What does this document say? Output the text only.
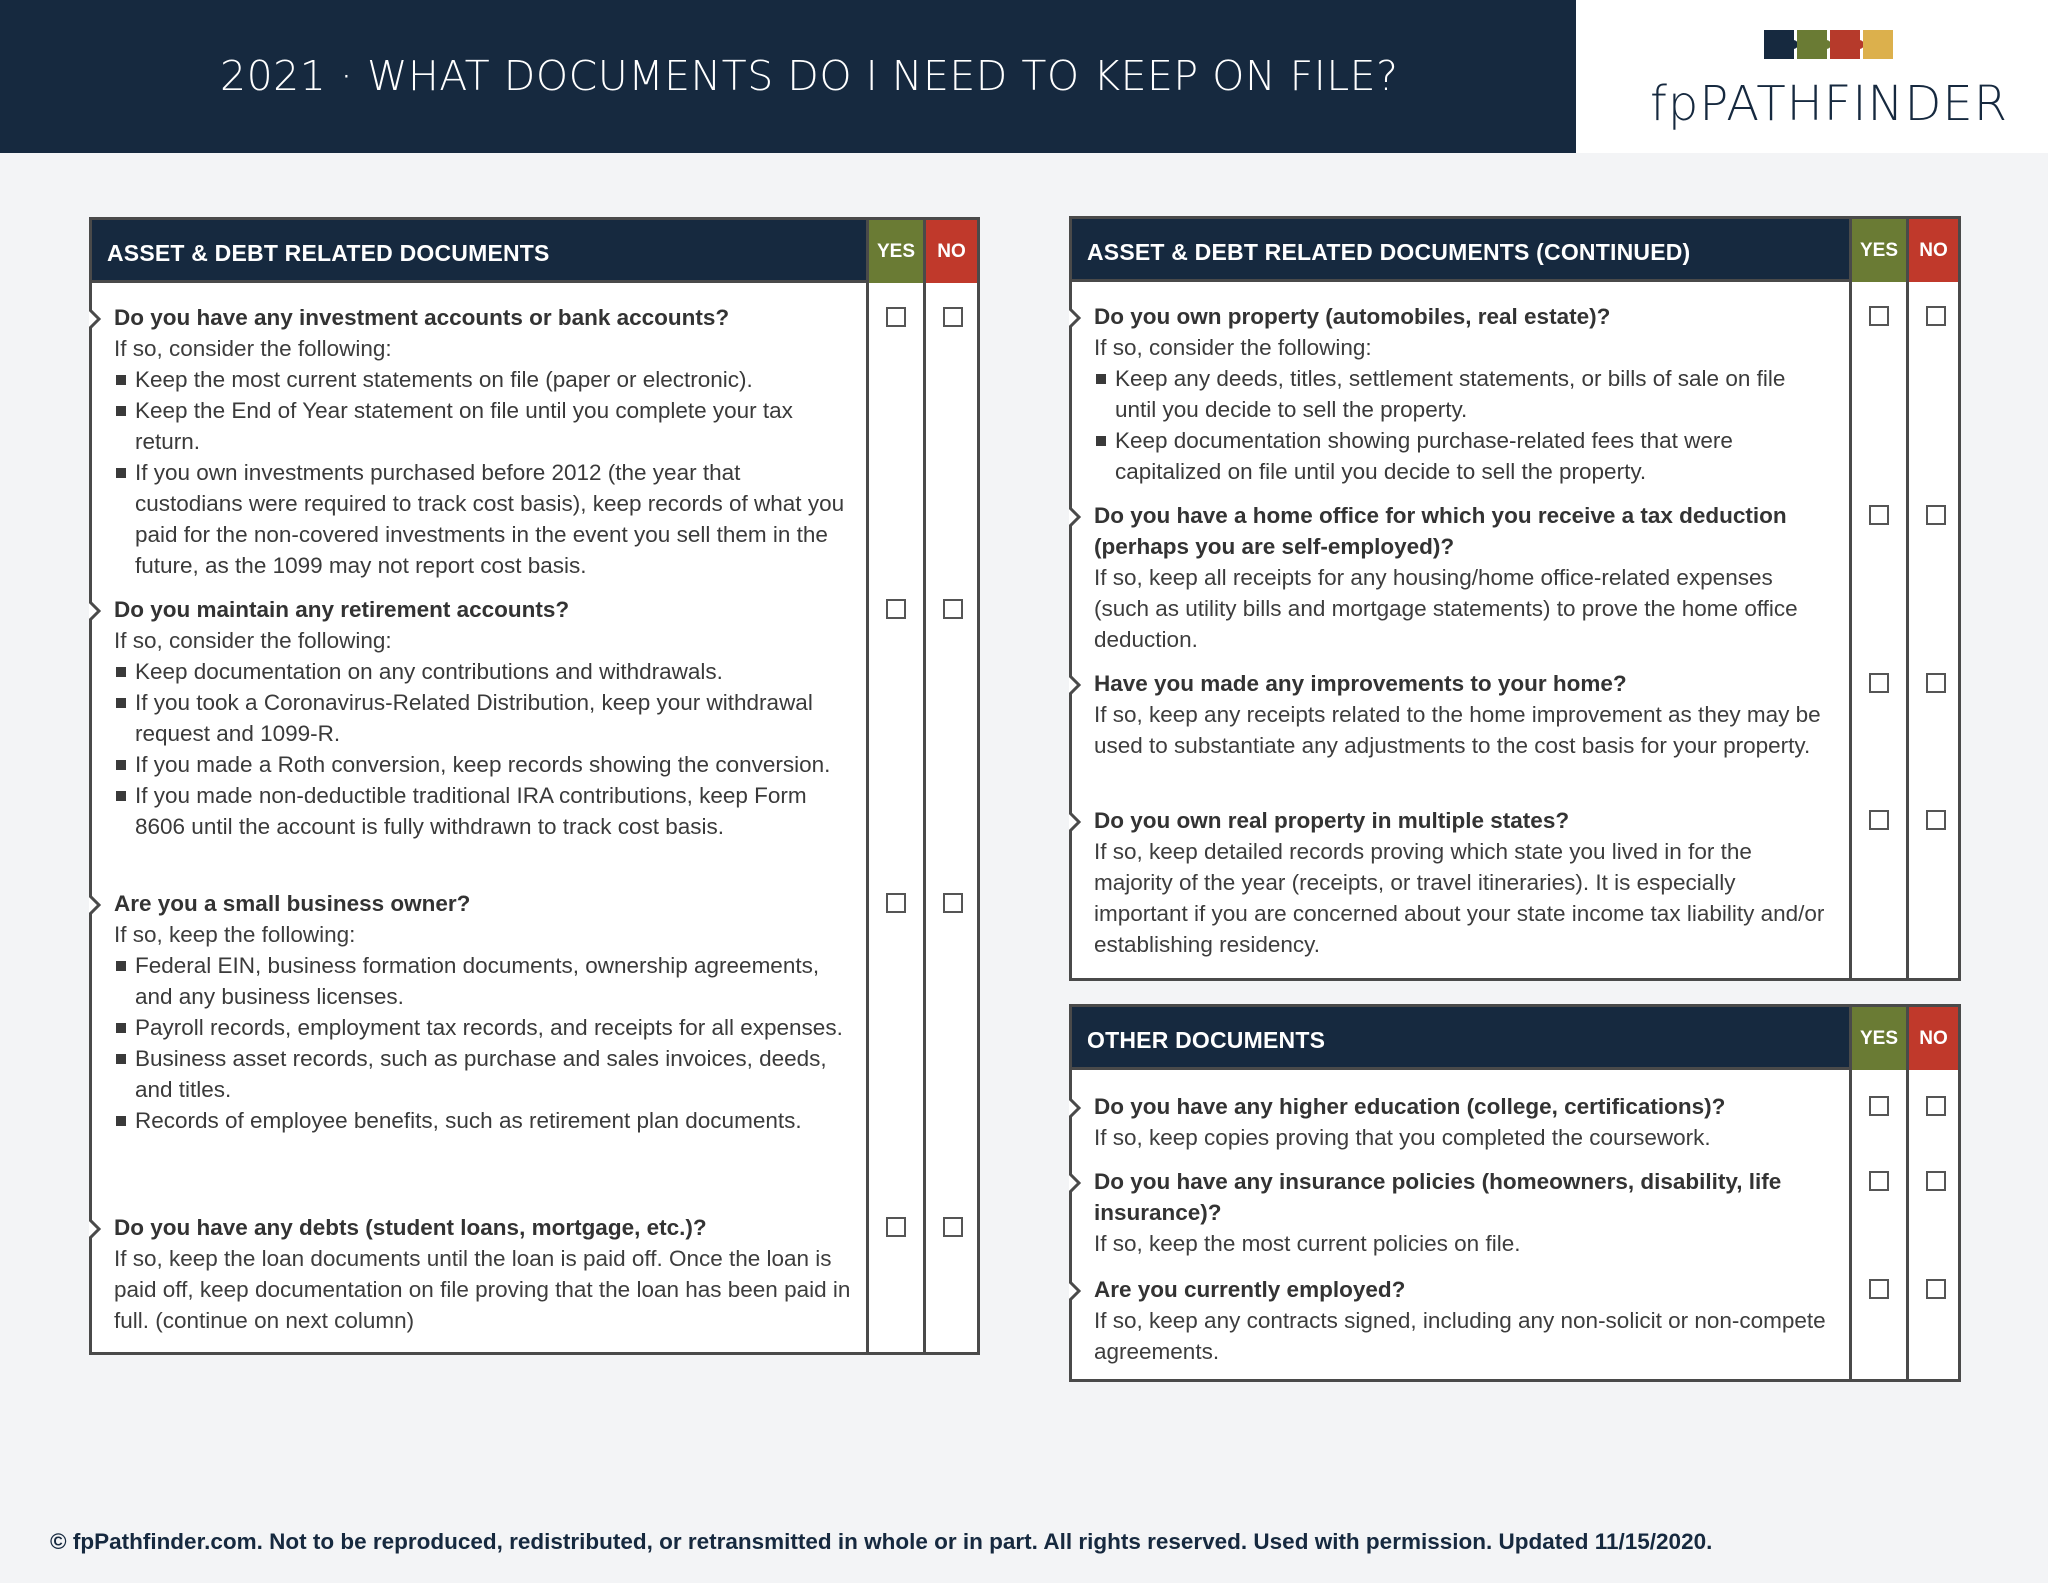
2021 · WHAT DOCUMENTS DO I NEED TO KEEP ON FILE?	fpPATHFINDER
ASSET & DEBT RELATED DOCUMENTS	YES	NO
Do you have any investment accounts or bank accounts?
If so, consider the following:
Keep the most current statements on file (paper or electronic).
Keep the End of Year statement on file until you complete your tax return.
If you own investments purchased before 2012 (the year that custodians were required to track cost basis), keep records of what you paid for the non-covered investments in the event you sell them in the future, as the 1099 may not report cost basis.
Do you maintain any retirement accounts?
If so, consider the following:
Keep documentation on any contributions and withdrawals.
If you took a Coronavirus-Related Distribution, keep your withdrawal request and 1099-R.
If you made a Roth conversion, keep records showing the conversion.
If you made non-deductible traditional IRA contributions, keep Form 8606 until the account is fully withdrawn to track cost basis.
Are you a small business owner?
If so, keep the following:
Federal EIN, business formation documents, ownership agreements, and any business licenses.
Payroll records, employment tax records, and receipts for all expenses.
Business asset records, such as purchase and sales invoices, deeds, and titles.
Records of employee benefits, such as retirement plan documents.
Do you have any debts (student loans, mortgage, etc.)?
If so, keep the loan documents until the loan is paid off. Once the loan is paid off, keep documentation on file proving that the loan has been paid in full. (continue on next column)
ASSET & DEBT RELATED DOCUMENTS (CONTINUED)	YES	NO
Do you own property (automobiles, real estate)?
If so, consider the following:
Keep any deeds, titles, settlement statements, or bills of sale on file until you decide to sell the property.
Keep documentation showing purchase-related fees that were capitalized on file until you decide to sell the property.
Do you have a home office for which you receive a tax deduction (perhaps you are self-employed)?
If so, keep all receipts for any housing/home office-related expenses (such as utility bills and mortgage statements) to prove the home office deduction.
Have you made any improvements to your home?
If so, keep any receipts related to the home improvement as they may be used to substantiate any adjustments to the cost basis for your property.
Do you own real property in multiple states?
If so, keep detailed records proving which state you lived in for the majority of the year (receipts, or travel itineraries). It is especially important if you are concerned about your state income tax liability and/or establishing residency.
OTHER DOCUMENTS	YES	NO
Do you have any higher education (college, certifications)?
If so, keep copies proving that you completed the coursework.
Do you have any insurance policies (homeowners, disability, life insurance)?
If so, keep the most current policies on file.
Are you currently employed?
If so, keep any contracts signed, including any non-solicit or non-compete agreements.
© fpPathfinder.com. Not to be reproduced, redistributed, or retransmitted in whole or in part. All rights reserved. Used with permission. Updated 11/15/2020.
